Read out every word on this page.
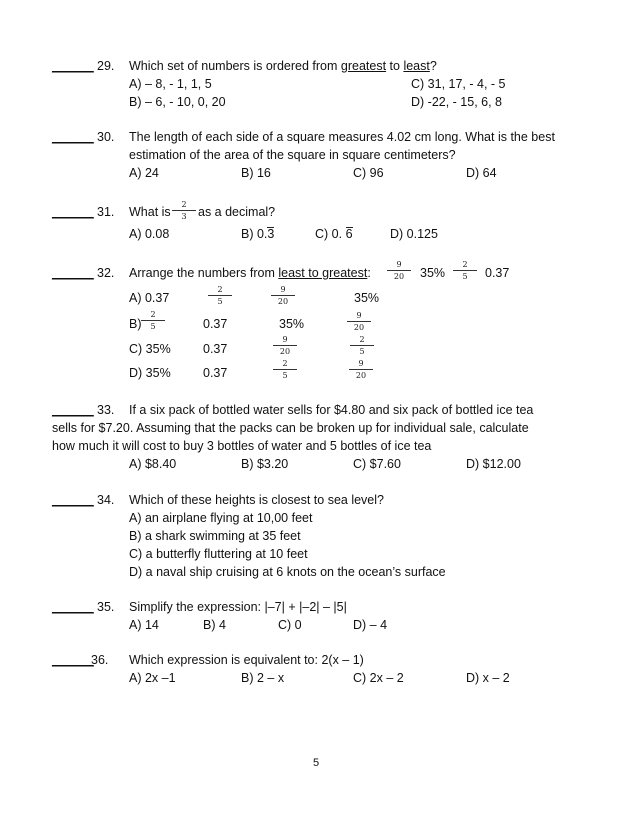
______ 29. Which set of numbers is ordered from greatest to least?
A) – 8, - 1, 1, 5	C) 31, 17, - 4, - 5
B) – 6, - 10, 0, 20	D) -22, - 15, 6, 8
______ 30. The length of each side of a square measures 4.02 cm long. What is the best
estimation of the area of the square in square centimeters?
A) 24	B) 16	C) 96	D) 64
______ 31. What is $\frac{2}{3}$ as a decimal?
A) 0.08	B) 0.3	C) 0. 6	D) 0.125
______ 32. Arrange the numbers from least to greatest: $\frac{9}{20} 35\% \frac{2}{5} 0.37$
A) 0.37	$\frac{2}{5}$	$\frac{9}{20}$	35%
$B) \frac{2}{5}$	0.37	35%	$\frac{9}{20}$
C) 35%	0.37	$\frac{9}{20}$	$\frac{2}{5}$
D) 35%	0.37	$\frac{2}{5}$	$\frac{9}{20}$
______ 33. If a six pack of bottled water sells for $4.80 and six pack of bottled ice tea
sells for $7.20. Assuming that the packs can be broken up for individual sale, calculate
how much it will cost to buy 3 bottles of water and 5 bottles of ice tea
A) $8.40	B) $3.20	C) $7.60	D) $12.00
______ 34. Which of these heights is closest to sea level?
A) an airplane flying at 10,00 feet
B) a shark swimming at 35 feet
C) a butterfly fluttering at 10 feet
D) a naval ship cruising at 6 knots on the ocean’s surface
______ 35. Simplify the expression: |–7| + |–2| – |5|
A) 14	B) 4	C) 0	D) – 4
______
36. Which expression is equivalent to: 2(x – 1)
A) 2x –1	B) 2 – x	C) 2x – 2	D) x – 2
5
